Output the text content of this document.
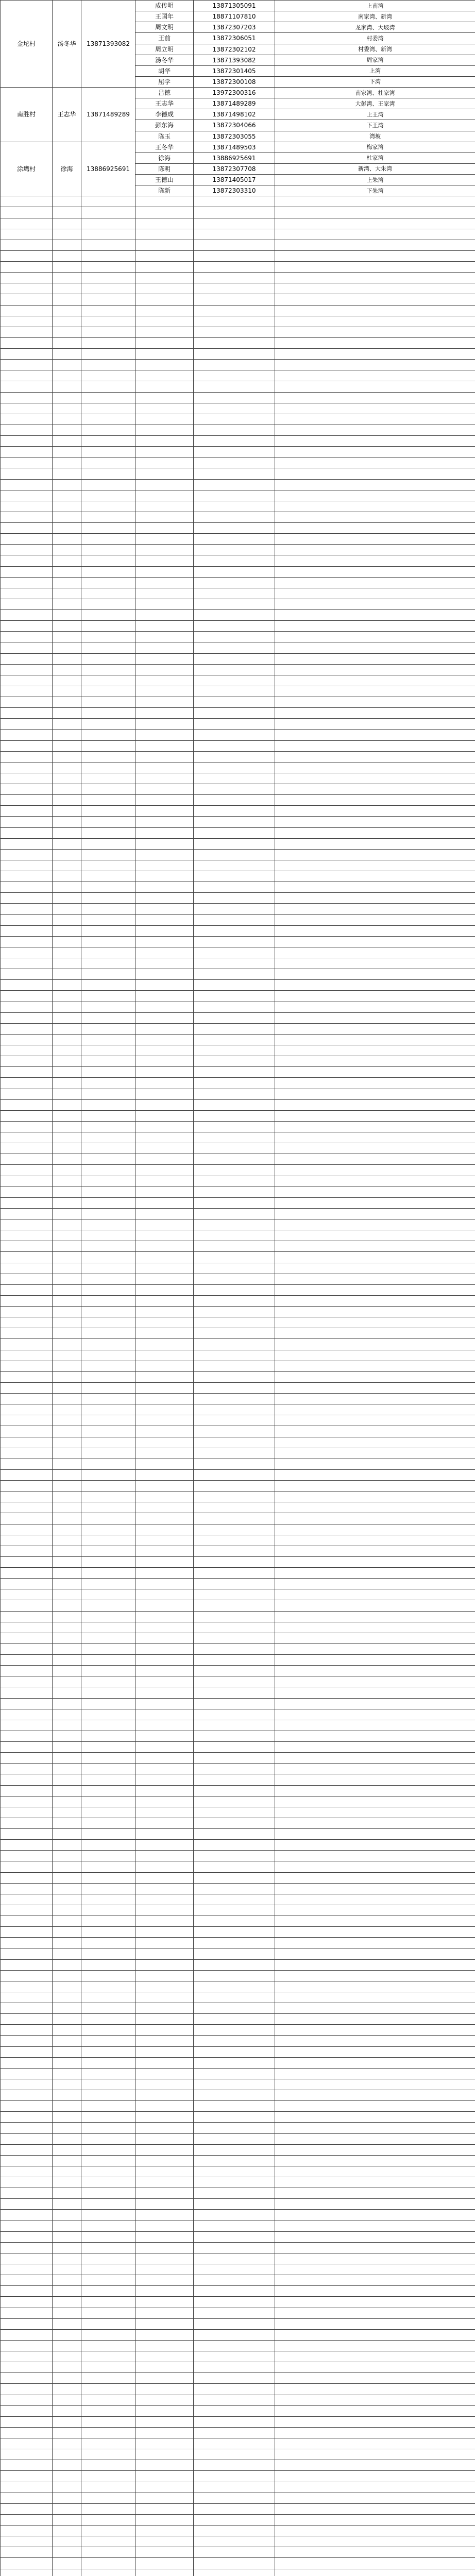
金坨村	汤冬华	13871393082	成传明	13871305091	上南湾
			王国年	18871107810	南家湾、新湾
			周文明	13872307203	龙家湾、大坡湾
			王前	13872306051	村委湾
			周立明	13872302102	村委湾、新湾
			汤冬华	13871393082	周家湾
			胡华	13872301405	上湾
			屈学	13872300108	下湾
南胜村	王志华	13871489289	吕德	13972300316	南家湾、杜家湾
			王志华	13871489289	大彭湾、王家湾
			李德成	13871498102	上王湾
			彭东海	13872304066	下王湾
			陈玉	13872303055	湾坡
涂塆村	徐海	13886925691	王冬华	13871489503	梅家湾
			徐海	13886925691	杜家湾
			陈明	13872307708	新湾、大朱湾
			王德山	13871405017	上朱湾
			陈新	13872303310	下朱湾
